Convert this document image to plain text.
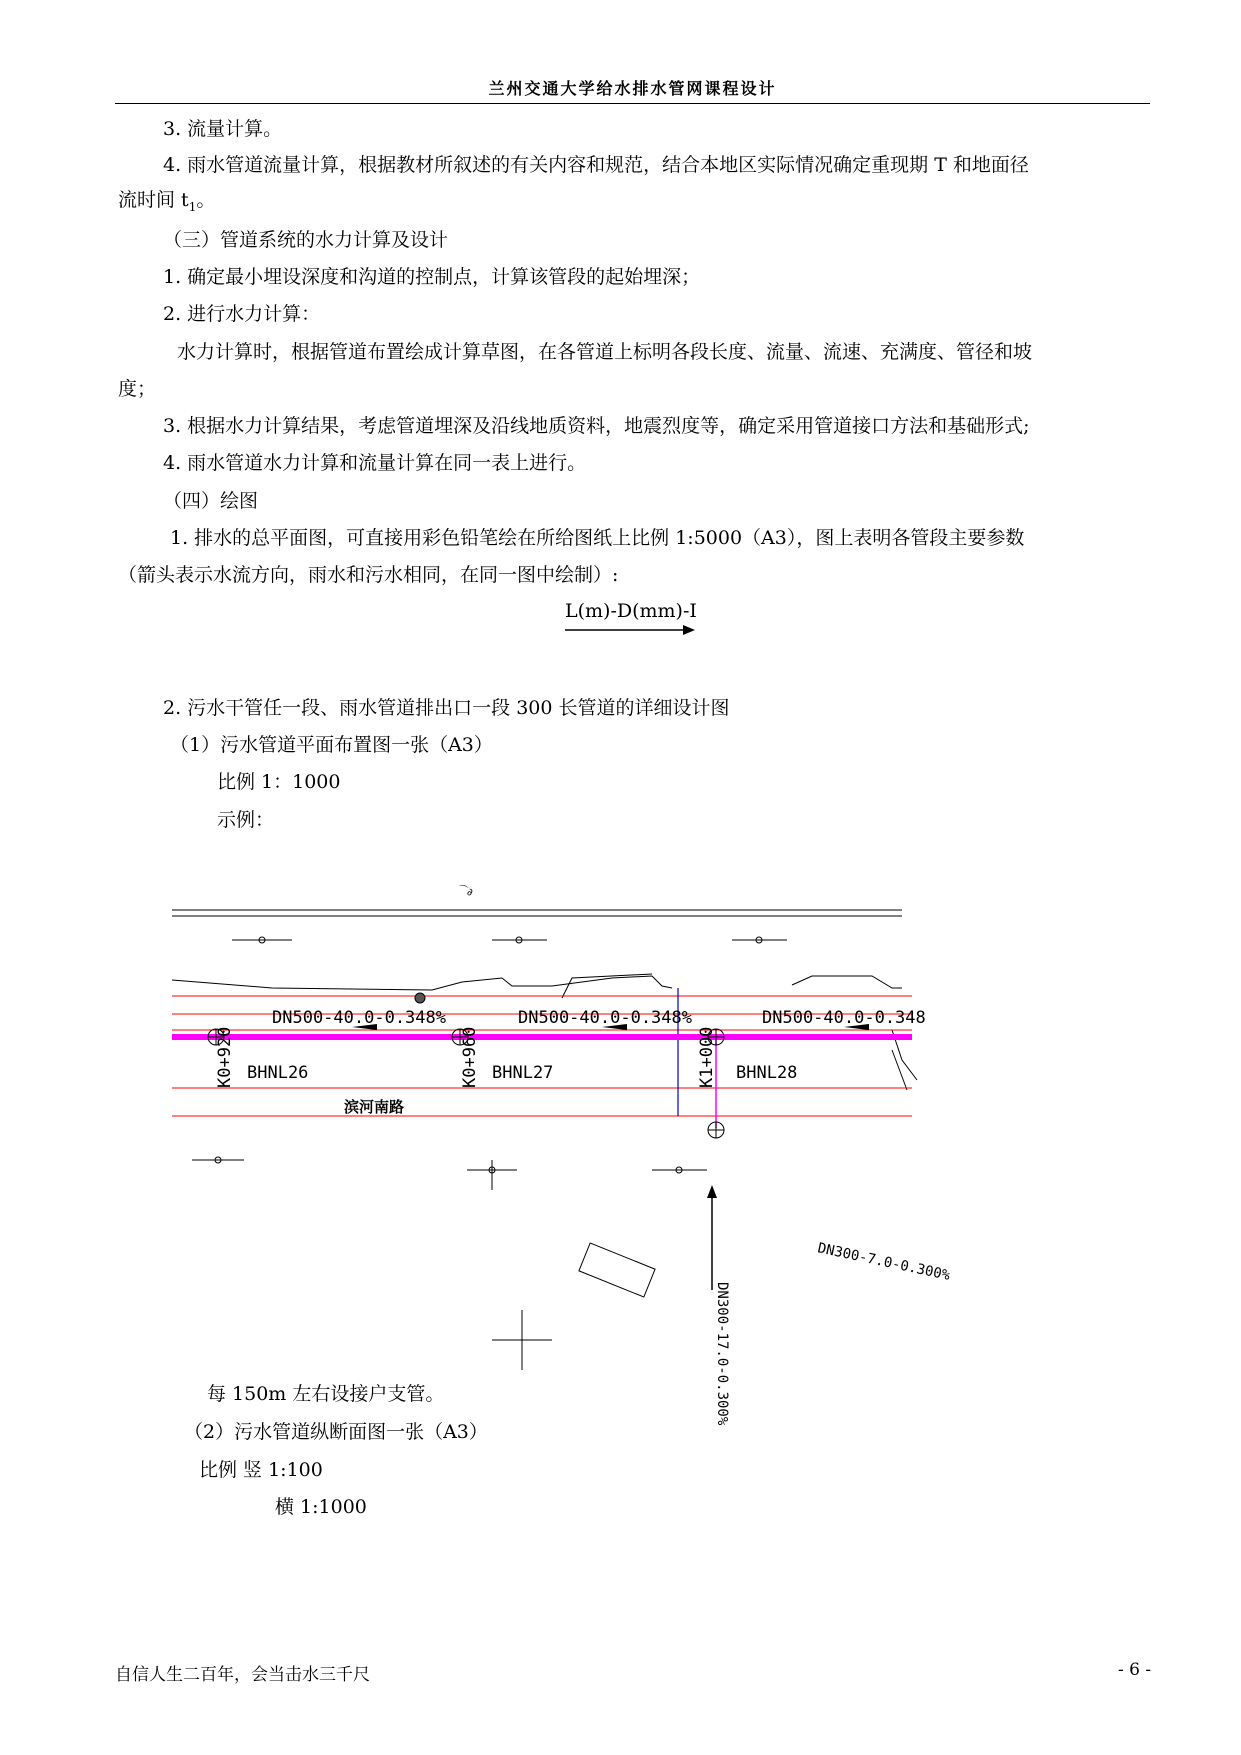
兰州交通大学给水排水管网课程设计
3. 流量计算。
4. 雨水管道流量计算，根据教材所叙述的有关内容和规范，结合本地区实际情况确定重现期 T 和地面径
流时间 $t_1$。
（三）管道系统的水力计算及设计
1. 确定最小埋设深度和沟道的控制点，计算该管段的起始埋深；
2. 进行水力计算：
水力计算时，根据管道布置绘成计算草图，在各管道上标明各段长度、流量、流速、充满度、管径和坡
度；
3. 根据水力计算结果，考虑管道埋深及沿线地质资料，地震烈度等，确定采用管道接口方法和基础形式;
4. 雨水管道水力计算和流量计算在同一表上进行。
（四）绘图
1. 排水的总平面图，可直接用彩色铅笔绘在所给图纸上比例 1:5000（A3），图上表明各管段主要参数
（箭头表示水流方向，雨水和污水相同，在同一图中绘制）:
L(m)-D(mm)-I
2. 污水干管任一段、雨水管道排出口一段 300 长管道的详细设计图
（1）污水管道平面布置图一张（A3）
比例 1：1000
示例：
⌒∂
DN500-40.0-0.348%	DN500-40.0-0.348%	DN500-40.0-0.348
BHNL26	BHNL27	BHNL28
K0+920	K0+960	K1+000
滨河南路
DN300-7.0-0.300%
DN300-17.0-0.300%
每 150m 左右设接户支管。
（2）污水管道纵断面图一张（A3）
比例 竖 1:100
横 1:1000
自信人生二百年，会当击水三千尺	- 6 -
